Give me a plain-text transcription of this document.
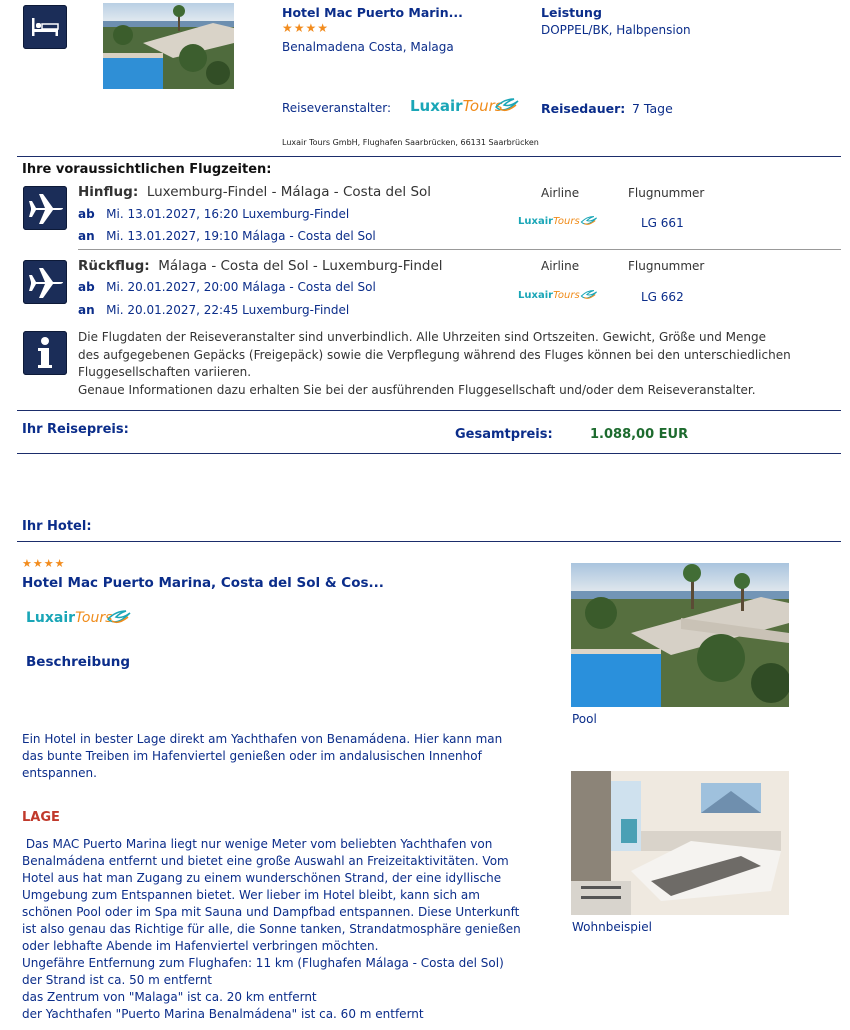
Hotel Mac Puerto Marin...
★★★★
Benalmadena Costa, Malaga
Leistung
DOPPEL/BK, Halbpension
Reiseveranstalter: LuxairTours	Reisedauer: 7 Tage
Luxair Tours GmbH, Flughafen Saarbrücken, 66131 Saarbrücken
Ihre voraussichtlichen Flugzeiten:
Hinflug: Luxemburg-Findel - Málaga - Costa del Sol
ab Mi. 13.01.2027, 16:20 Luxemburg-Findel
an Mi. 13.01.2027, 19:10 Málaga - Costa del Sol
Airline	Flugnummer
LuxairTours	LG 661
Rückflug: Málaga - Costa del Sol - Luxemburg-Findel
ab Mi. 20.01.2027, 20:00 Málaga - Costa del Sol
an Mi. 20.01.2027, 22:45 Luxemburg-Findel
Airline	Flugnummer
LuxairTours	LG 662
Die Flugdaten der Reiseveranstalter sind unverbindlich. Alle Uhrzeiten sind Ortszeiten. Gewicht, Größe und Menge
des aufgegebenen Gepäcks (Freigepäck) sowie die Verpflegung während des Fluges können bei den unterschiedlichen
Fluggesellschaften variieren.
Genaue Informationen dazu erhalten Sie bei der ausführenden Fluggesellschaft und/oder dem Reiseveranstalter.
Ihr Reisepreis:	Gesamtpreis:	1.088,00 EUR
Ihr Hotel:
★★★★
Hotel Mac Puerto Marina, Costa del Sol & Cos...
LuxairTours
Beschreibung
Ein Hotel in bester Lage direkt am Yachthafen von Benamádena. Hier kann man
das bunte Treiben im Hafenviertel genießen oder im andalusischen Innenhof
entspannen.
LAGE
Das MAC Puerto Marina liegt nur wenige Meter vom beliebten Yachthafen von
Benalmádena entfernt und bietet eine große Auswahl an Freizeitaktivitäten. Vom
Hotel aus hat man Zugang zu einem wunderschönen Strand, der eine idyllische
Umgebung zum Entspannen bietet. Wer lieber im Hotel bleibt, kann sich am
schönen Pool oder im Spa mit Sauna und Dampfbad entspannen. Diese Unterkunft
ist also genau das Richtige für alle, die Sonne tanken, Strandatmosphäre genießen
oder lebhafte Abende im Hafenviertel verbringen möchten.
Ungefähre Entfernung zum Flughafen: 11 km (Flughafen Málaga - Costa del Sol)
der Strand ist ca. 50 m entfernt
das Zentrum von "Malaga" ist ca. 20 km entfernt
der Yachthafen "Puerto Marina Benalmádena" ist ca. 60 m entfernt
Pool
Wohnbeispiel
